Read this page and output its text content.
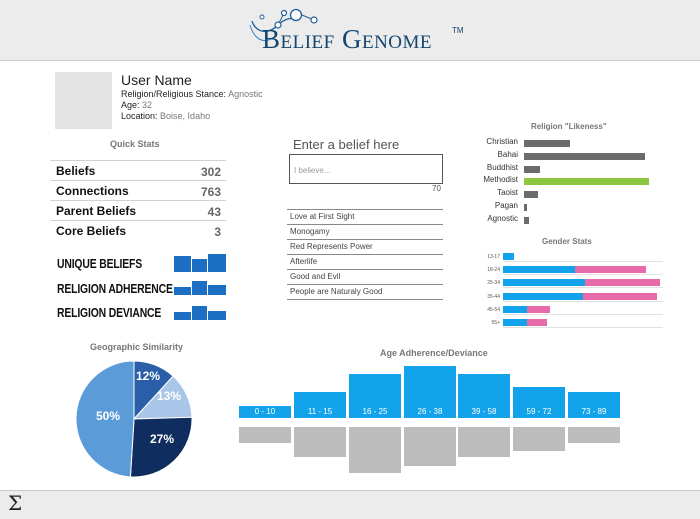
Belief Genome TM
User Name
Religion/Religious Stance: Agnostic
Age: 32
Location: Boise, Idaho
Quick Stats
Beliefs	302
Connections	763
Parent Beliefs	43
Core Beliefs	3
UNIQUE BELIEFS
RELIGION ADHERENCE
RELIGION DEVIANCE
Enter a belief here
I believe...
70
Love at First Sight
Monogamy
Red Represents Power
Afterlife
Good and Evil
People are Naturaly Good
Religion "Likeness"
Christian
Bahai
Buddhist
Methodist
Taoist
Pagan
Agnostic
Gender Stats
13-17
18-24
25-34
35-44
45-54
55+
Geographic Similarity
12%
13%
27%
50%
Age Adherence/Deviance
0 - 10	11 - 15	16 - 25	26 - 38	39 - 58	59 - 72	73 - 89
Σ
